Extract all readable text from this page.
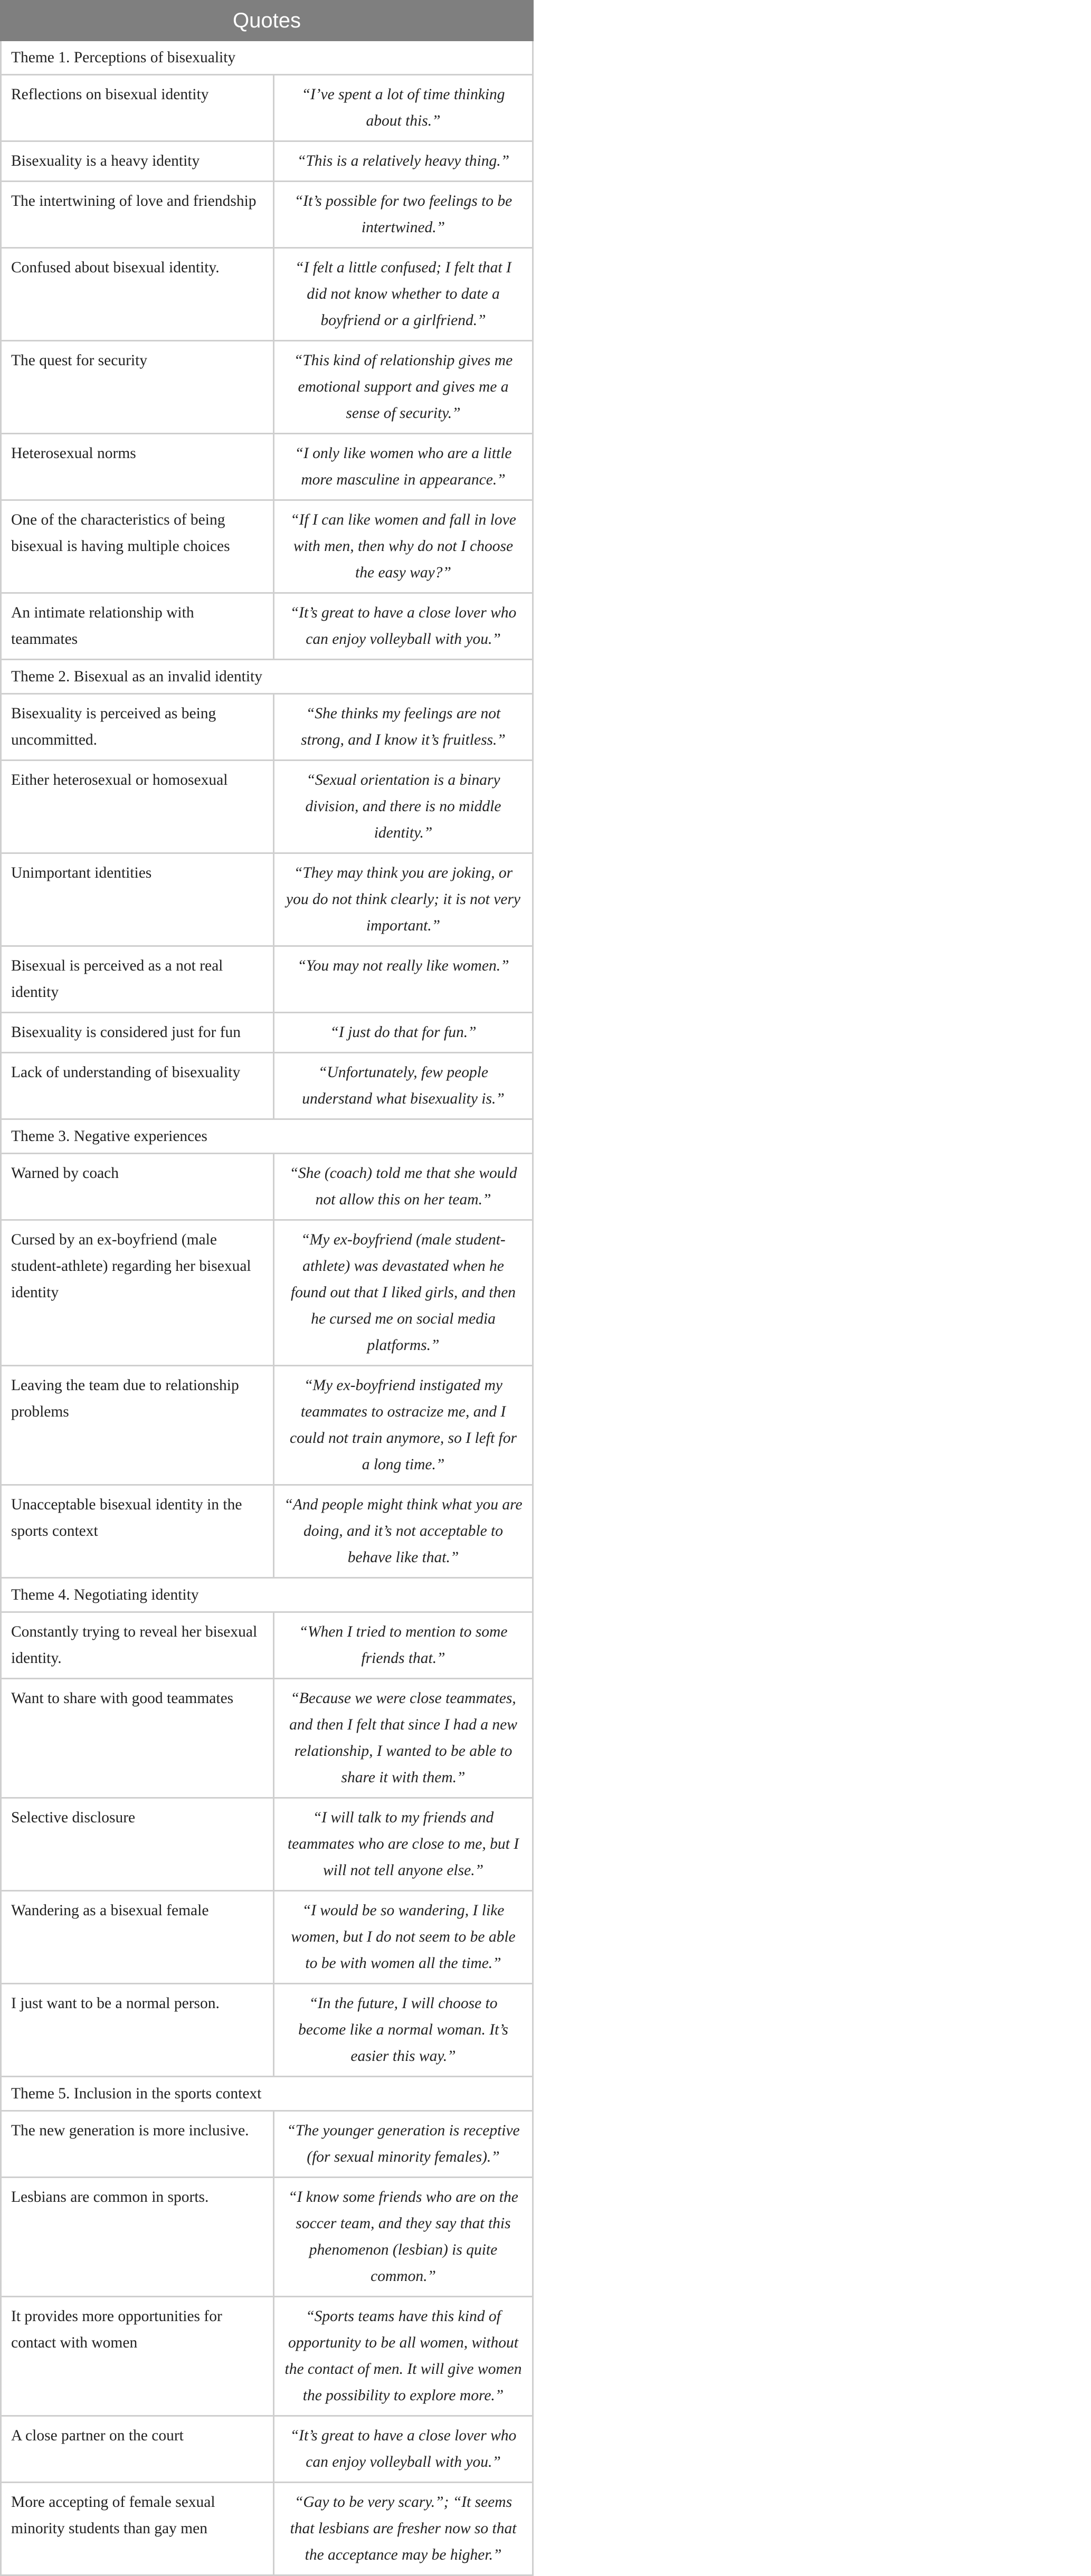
Quotes	
Theme 1. Perceptions of bisexuality	
Reflections on bisexual identity	“I’ve spent a lot of time thinking about this.”
Bisexuality is a heavy identity	“This is a relatively heavy thing.”
The intertwining of love and friendship	“It’s possible for two feelings to be intertwined.”
Confused about bisexual identity.	“I felt a little confused; I felt that I did not know whether to date a boyfriend or a girlfriend.”
The quest for security	“This kind of relationship gives me emotional support and gives me a sense of security.”
Heterosexual norms	“I only like women who are a little more masculine in appearance.”
One of the characteristics of being bisexual is having multiple choices	“If I can like women and fall in love with men, then why do not I choose the easy way?”
An intimate relationship with teammates	“It’s great to have a close lover who can enjoy volleyball with you.”
Theme 2. Bisexual as an invalid identity	
Bisexuality is perceived as being uncommitted.	“She thinks my feelings are not strong, and I know it’s fruitless.”
Either heterosexual or homosexual	“Sexual orientation is a binary division, and there is no middle identity.”
Unimportant identities	“They may think you are joking, or you do not think clearly; it is not very important.”
Bisexual is perceived as a not real identity	“You may not really like women.”
Bisexuality is considered just for fun	“I just do that for fun.”
Lack of understanding of bisexuality	“Unfortunately, few people understand what bisexuality is.”
Theme 3. Negative experiences	
Warned by coach	“She (coach) told me that she would not allow this on her team.”
Cursed by an ex-boyfriend (male student-athlete) regarding her bisexual identity	“My ex-boyfriend (male student-athlete) was devastated when he found out that I liked girls, and then he cursed me on social media platforms.”
Leaving the team due to relationship problems	“My ex-boyfriend instigated my teammates to ostracize me, and I could not train anymore, so I left for a long time.”
Unacceptable bisexual identity in the sports context	“And people might think what you are doing, and it’s not acceptable to behave like that.”
Theme 4. Negotiating identity	
Constantly trying to reveal her bisexual identity.	“When I tried to mention to some friends that.”
Want to share with good teammates	“Because we were close teammates, and then I felt that since I had a new relationship, I wanted to be able to share it with them.”
Selective disclosure	“I will talk to my friends and teammates who are close to me, but I will not tell anyone else.”
Wandering as a bisexual female	“I would be so wandering, I like women, but I do not seem to be able to be with women all the time.”
I just want to be a normal person.	“In the future, I will choose to become like a normal woman. It’s easier this way.”
Theme 5. Inclusion in the sports context	
The new generation is more inclusive.	“The younger generation is receptive (for sexual minority females).”
Lesbians are common in sports.	“I know some friends who are on the soccer team, and they say that this phenomenon (lesbian) is quite common.”
It provides more opportunities for contact with women	“Sports teams have this kind of opportunity to be all women, without the contact of men. It will give women the possibility to explore more.”
A close partner on the court	“It’s great to have a close lover who can enjoy volleyball with you.”
More accepting of female sexual minority students than gay men	“Gay to be very scary.”; “It seems that lesbians are fresher now so that the acceptance may be higher.”
